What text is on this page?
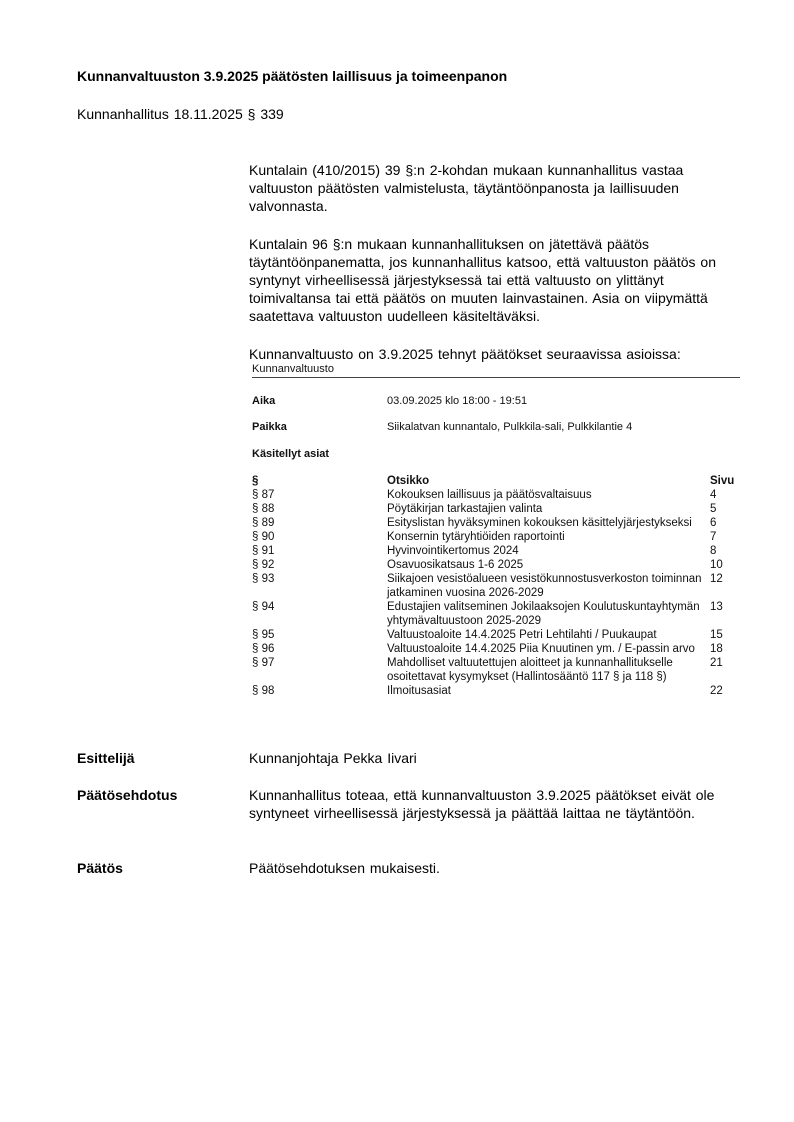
Kunnanvaltuuston 3.9.2025 päätösten laillisuus ja toimeenpanon
Kunnanhallitus 18.11.2025 § 339
Kuntalain (410/2015) 39 §:n 2-kohdan mukaan kunnanhallitus vastaa valtuuston päätösten valmistelusta, täytäntöönpanosta ja laillisuuden valvonnasta.
Kuntalain 96 §:n mukaan kunnanhallituksen on jätettävä päätös täytäntöönpanematta, jos kunnanhallitus katsoo, että valtuuston päätös on syntynyt virheellisessä järjestyksessä tai että valtuusto on ylittänyt toimivaltansa tai että päätös on muuten lainvastainen. Asia on viipymättä saatettava valtuuston uudelleen käsiteltäväksi.
Kunnanvaltuusto on 3.9.2025 tehnyt päätökset seuraavissa asioissa:
Kunnanvaltuusto
Aika	03.09.2025 klo 18:00 - 19:51
Paikka	Siikalatvan kunnantalo, Pulkkila-sali, Pulkkilantie 4
Käsitellyt asiat
§	Otsikko	Sivu
§ 87	Kokouksen laillisuus ja päätösvaltaisuus	4
§ 88	Pöytäkirjan tarkastajien valinta	5
§ 89	Esityslistan hyväksyminen kokouksen käsittelyjärjestykseksi	6
§ 90	Konsernin tytäryhtiöiden raportointi	7
§ 91	Hyvinvointikertomus 2024	8
§ 92	Osavuosikatsaus 1-6 2025	10
§ 93	Siikajoen vesistöalueen vesistökunnostusverkoston toiminnan jatkaminen vuosina 2026-2029	12
§ 94	Edustajien valitseminen Jokilaaksojen Koulutuskuntayhtymän yhtymävaltuustoon 2025-2029	13
§ 95	Valtuustoaloite 14.4.2025 Petri Lehtilahti / Puukaupat	15
§ 96	Valtuustoaloite 14.4.2025 Piia Knuutinen ym. / E-passin arvo	18
§ 97	Mahdolliset valtuutettujen aloitteet ja kunnanhallitukselle osoitettavat kysymykset (Hallintosääntö 117 § ja 118 §)	21
§ 98	Ilmoitusasiat	22
Esittelijä	Kunnanjohtaja Pekka Iivari
Päätösehdotus	Kunnanhallitus toteaa, että kunnanvaltuuston 3.9.2025 päätökset eivät ole syntyneet virheellisessä järjestyksessä ja päättää laittaa ne täytäntöön.
Päätös	Päätösehdotuksen mukaisesti.
